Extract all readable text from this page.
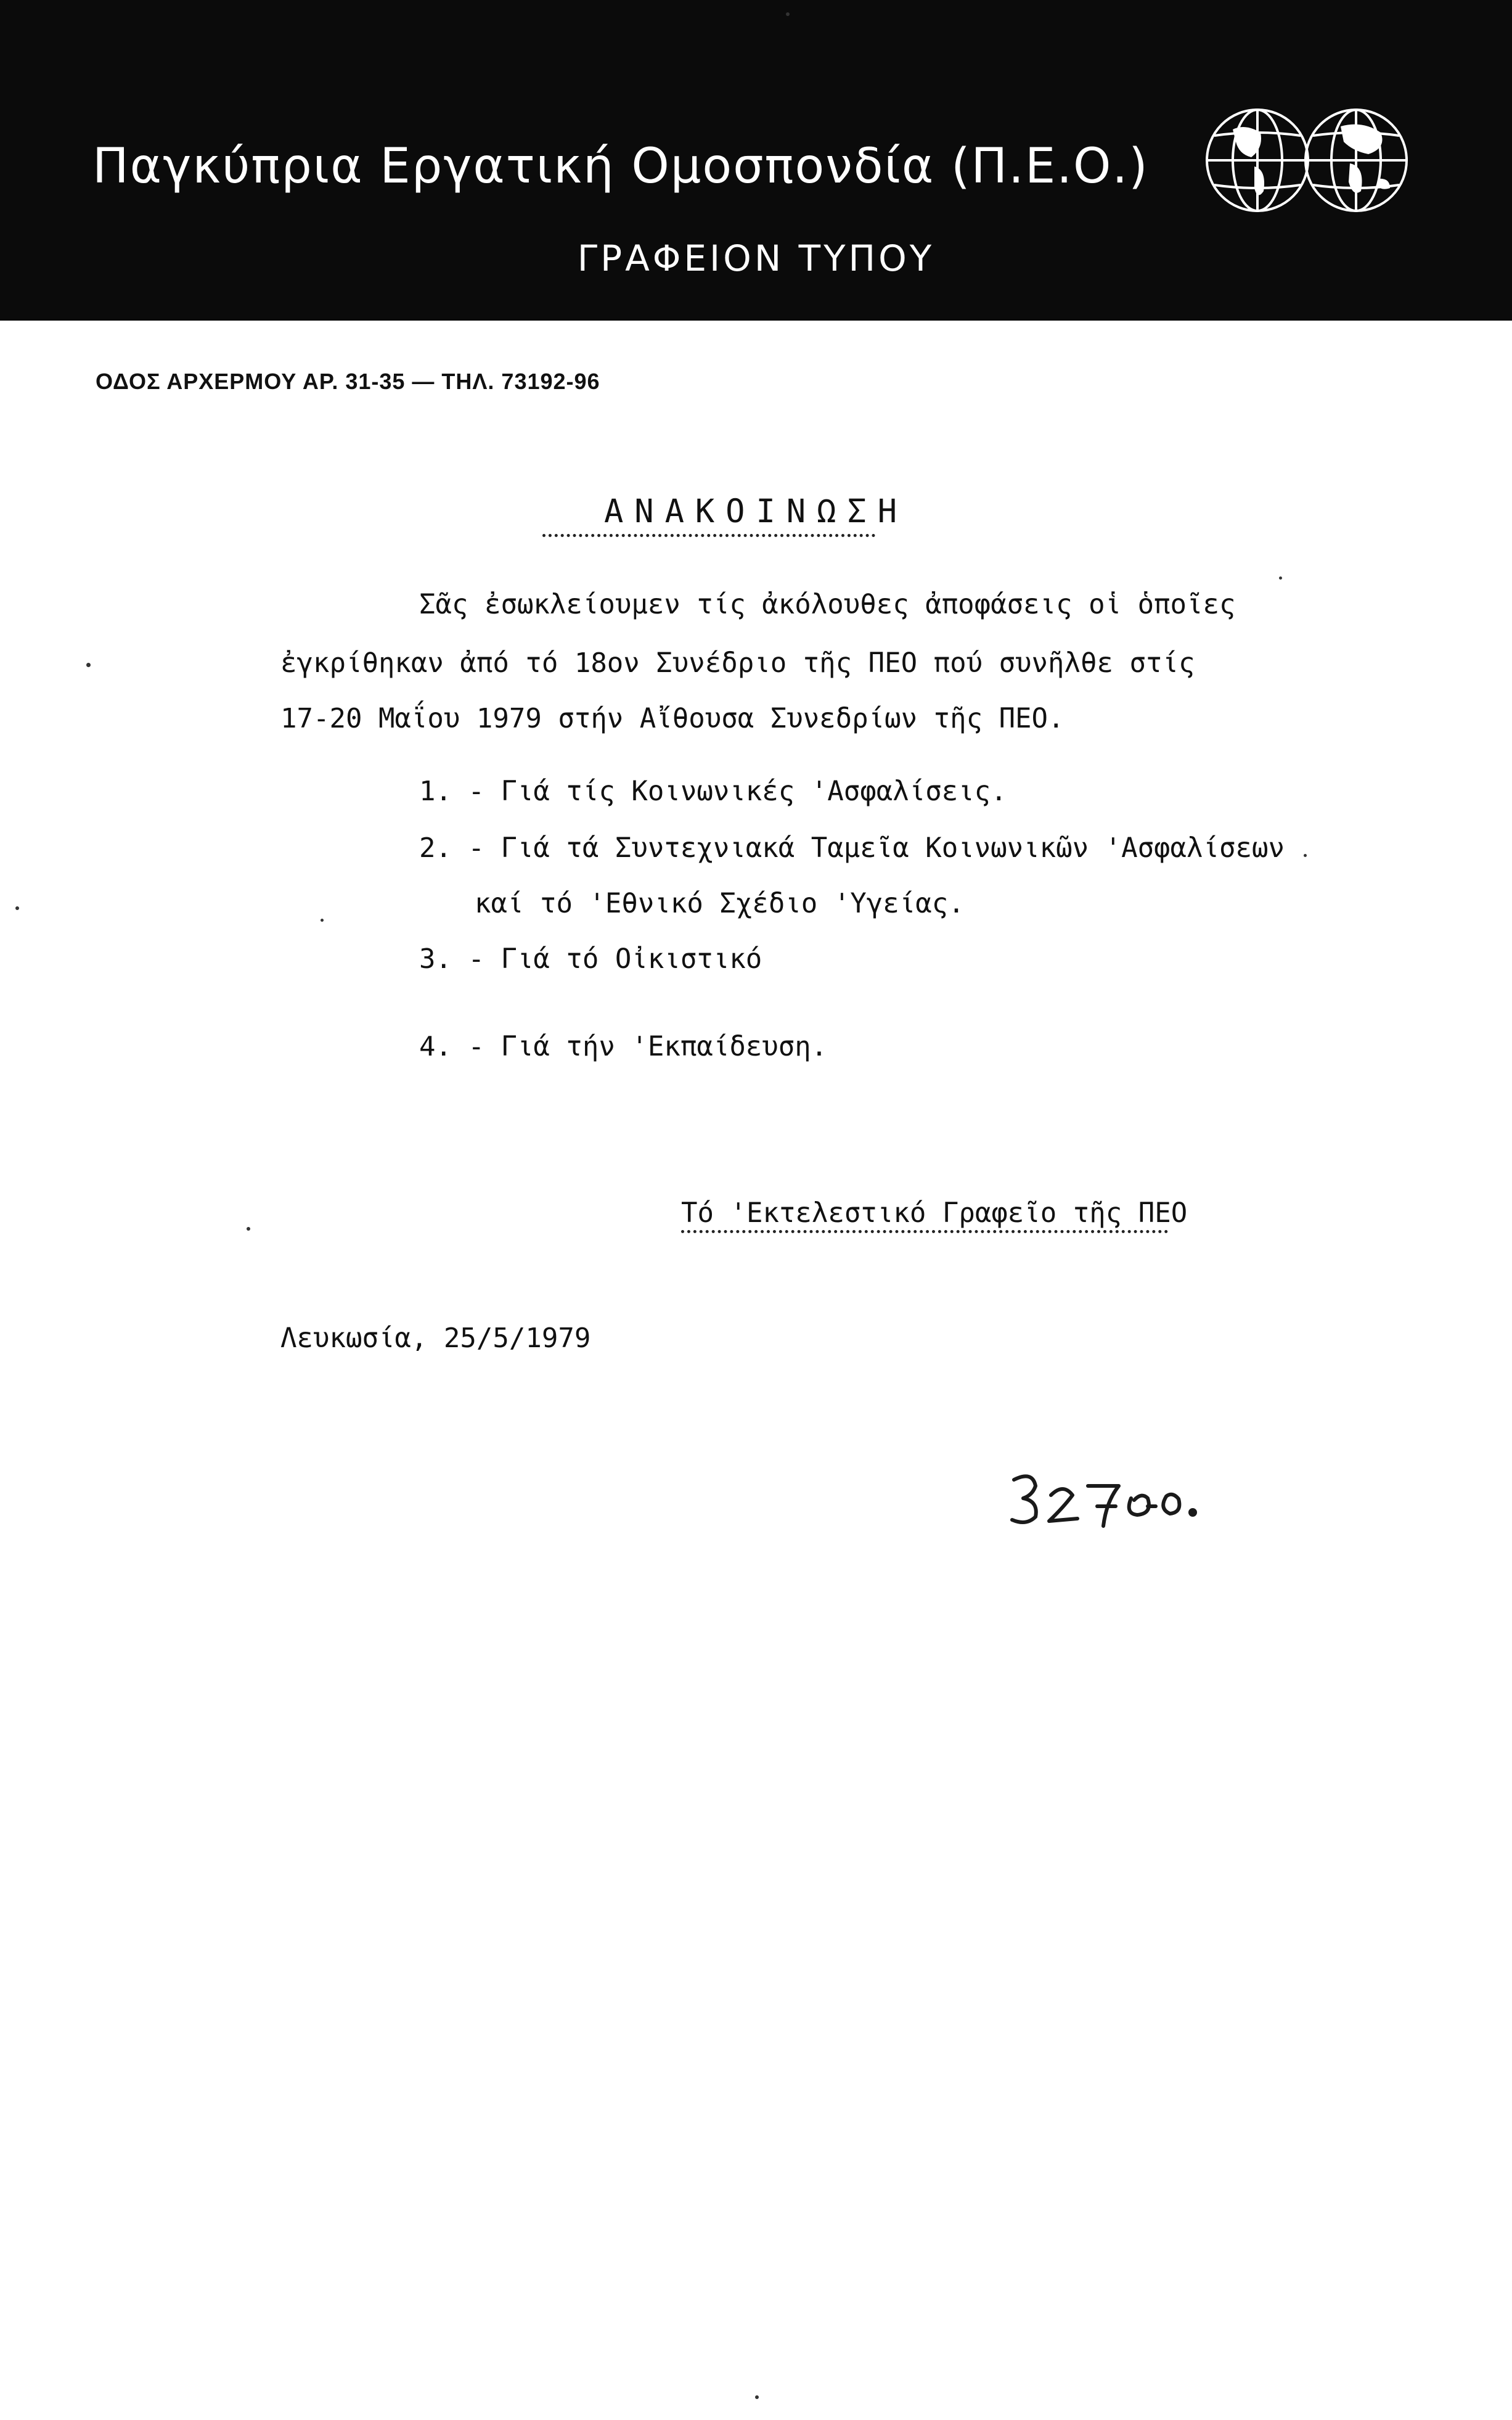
Παγκύπρια Εργατική Ομοσπονδία (Π.Ε.Ο.)
ΓΡΑΦΕΙΟΝ ΤΥΠΟΥ
ΟΔΟΣ ΑΡΧΕΡΜΟΥ ΑΡ. 31-35 — ΤΗΛ. 73192-96
ΑΝΑΚΟΙΝΩΣΗ
Σᾶς ἐσωκλείουμεν τίς ἀκόλουθες ἀποφάσεις οἱ ὁποῖες
ἐγκρίθηκαν ἀπό τό 18ον Συνέδριο τῆς ΠΕΟ πού συνῆλθε στίς
17-20 Μαΐου 1979 στήν Αἴθουσα Συνεδρίων τῆς ΠΕΟ.
1. - Γιά τίς Κοινωνικές 'Ασφαλίσεις.
2. - Γιά τά Συντεχνιακά Ταμεῖα Κοινωνικῶν 'Ασφαλίσεων
καί τό 'Εθνικό Σχέδιο 'Υγείας.
3. - Γιά τό Οἰκιστικό
4. - Γιά τήν 'Εκπαίδευση.
Τό 'Εκτελεστικό Γραφεῖο τῆς ΠΕΟ
Λευκωσία, 25/5/1979
